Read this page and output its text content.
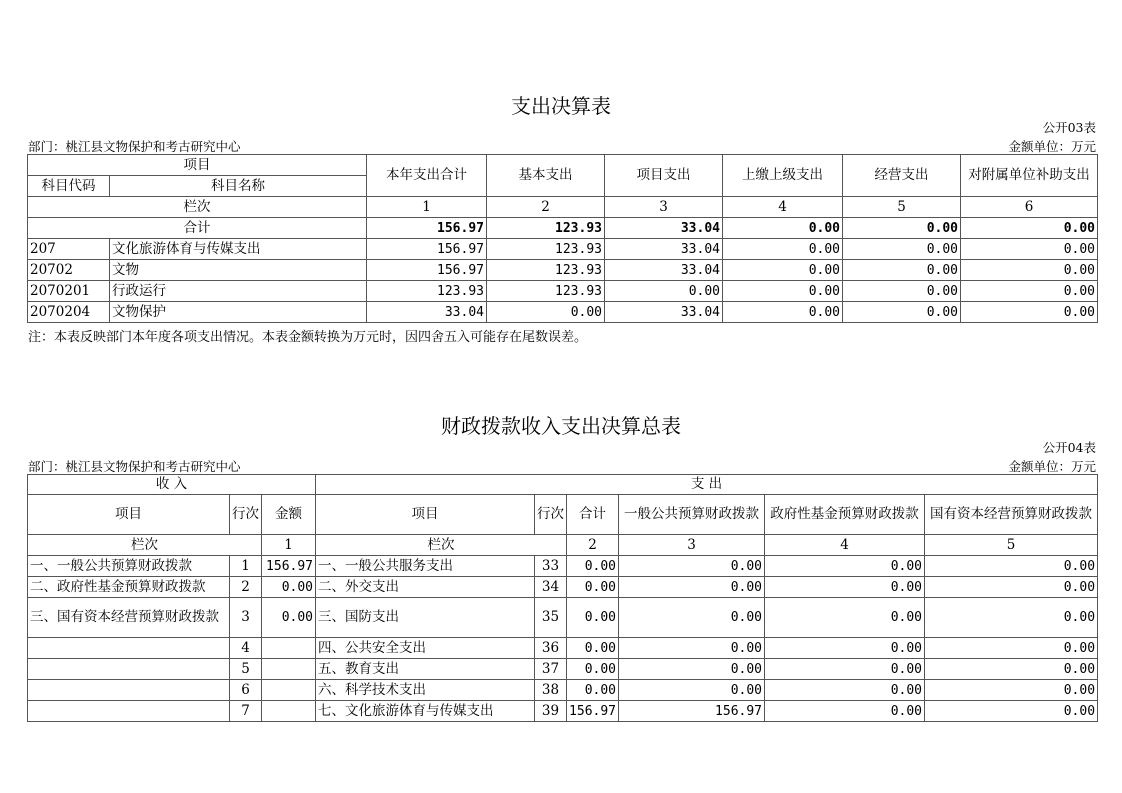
支出决算表
公开03表
部门：桃江县文物保护和考古研究中心	金额单位：万元
项目		本年支出合计	基本支出	项目支出	上缴上级支出	经营支出	对附属单位补助支出
科目代码	科目名称						
栏次		1	2	3	4	5	6
合计		156.97	123.93	33.04	0.00	0.00	0.00
207	文化旅游体育与传媒支出	156.97	123.93	33.04	0.00	0.00	0.00
20702	文物	156.97	123.93	33.04	0.00	0.00	0.00
2070201	行政运行	123.93	123.93	0.00	0.00	0.00	0.00
2070204	文物保护	33.04	0.00	33.04	0.00	0.00	0.00
注：本表反映部门本年度各项支出情况。本表金额转换为万元时，因四舍五入可能存在尾数误差。
财政拨款收入支出决算总表
公开04表
部门：桃江县文物保护和考古研究中心	金额单位：万元
收 入			支 出					
项目	行次	金额	项目	行次	合计	一般公共预算财政拨款	政府性基金预算财政拨款	国有资本经营预算财政拨款
栏次		1	栏次		2	3	4	5
一、一般公共预算财政拨款	1	156.97	一、一般公共服务支出	33	0.00	0.00	0.00	0.00
二、政府性基金预算财政拨款	2	0.00	二、外交支出	34	0.00	0.00	0.00	0.00
三、国有资本经营预算财政拨款	3	0.00	三、国防支出	35	0.00	0.00	0.00	0.00
	4		四、公共安全支出	36	0.00	0.00	0.00	0.00
	5		五、教育支出	37	0.00	0.00	0.00	0.00
	6		六、科学技术支出	38	0.00	0.00	0.00	0.00
	7		七、文化旅游体育与传媒支出	39	156.97	156.97	0.00	0.00
